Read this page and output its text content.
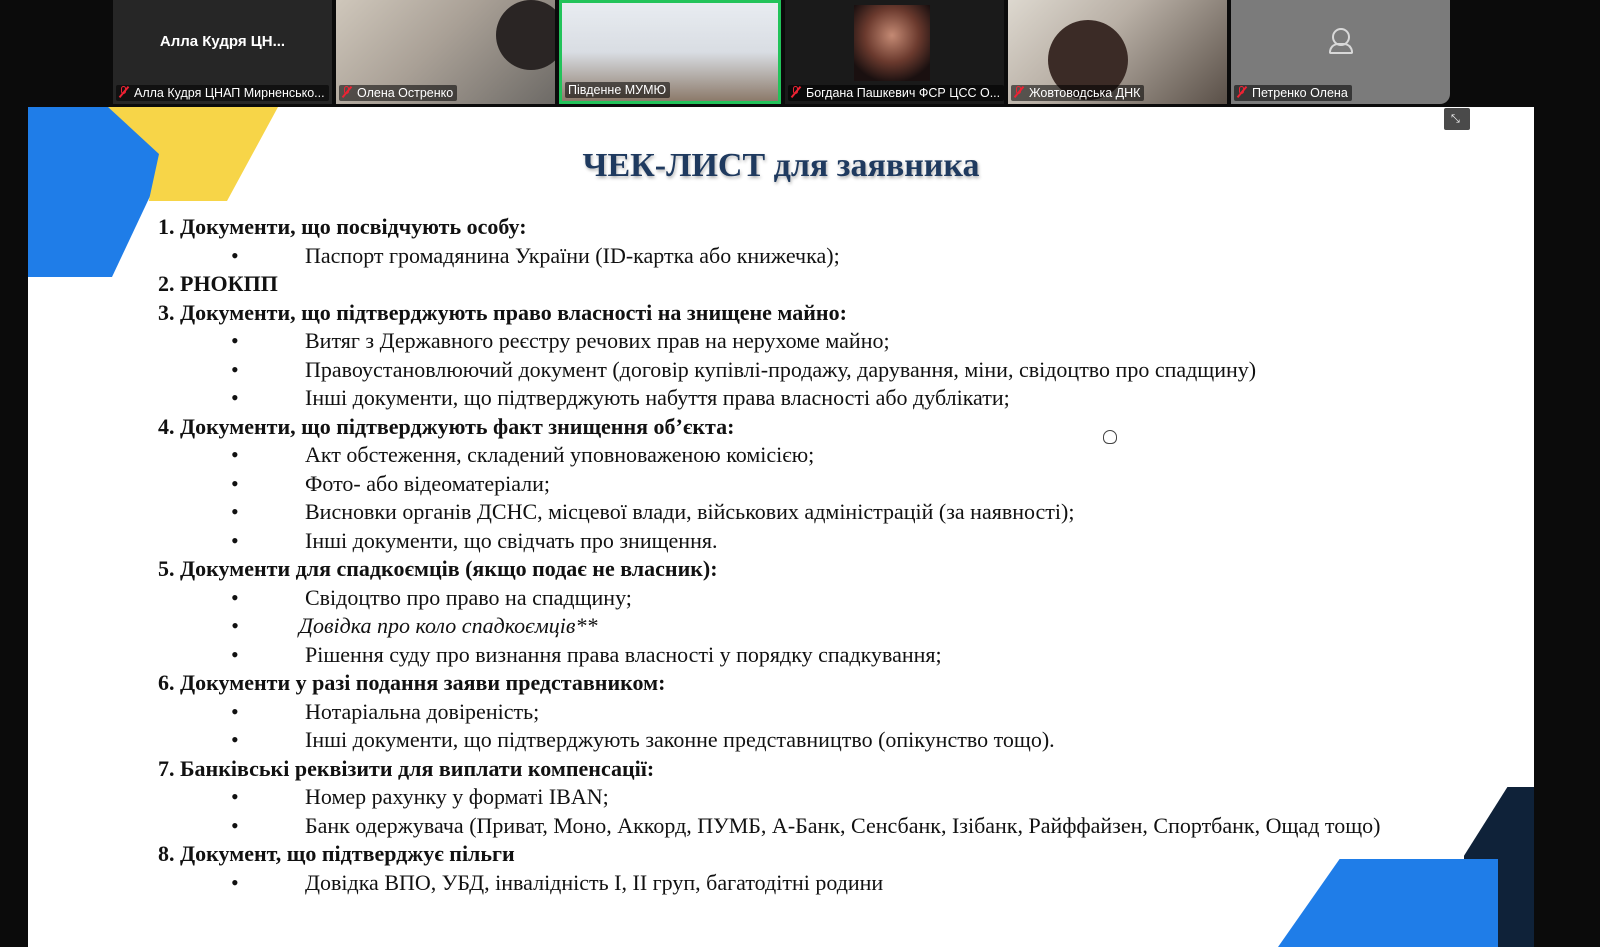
Алла Кудря ЦН...
Алла Кудря ЦНАП Мирненсько...	Олена Остренко	Південне МУМЮ	Богдана Пашкевич ФСР ЦСС О...	Жовтоводська ДНК	Петренко Олена
⤡
ЧЕК-ЛИСТ для заявника
1. Документи, що посвідчують особу:
• Паспорт громадянина України (ID-картка або книжечка);
2. РНОКПП
3. Документи, що підтверджують право власності на знищене майно:
• Витяг з Державного реєстру речових прав на нерухоме майно;
• Правоустановлюючий документ (договір купівлі-продажу, дарування, міни, свідоцтво про спадщину)
• Інші документи, що підтверджують набуття права власності або дублікати;
4. Документи, що підтверджують факт знищення об’єкта:
• Акт обстеження, складений уповноваженою комісією;
• Фото- або відеоматеріали;
• Висновки органів ДСНС, місцевої влади, військових адміністрацій (за наявності);
• Інші документи, що свідчать про знищення.
5. Документи для спадкоємців (якщо подає не власник):
• Свідоцтво про право на спадщину;
• Довідка про коло спадкоємців**
• Рішення суду про визнання права власності у порядку спадкування;
6. Документи у разі подання заяви представником:
• Нотаріальна довіреність;
• Інші документи, що підтверджують законне представництво (опікунство тощо).
7. Банківські реквізити для виплати компенсації:
• Номер рахунку у форматі IBAN;
• Банк одержувача (Приват, Моно, Аккорд, ПУМБ, А-Банк, Сенсбанк, Ізібанк, Райффайзен, Спортбанк, Ощад тощо)
8. Документ, що підтверджує пільги
• Довідка ВПО, УБД, інвалідність І, ІІ груп, багатодітні родини
